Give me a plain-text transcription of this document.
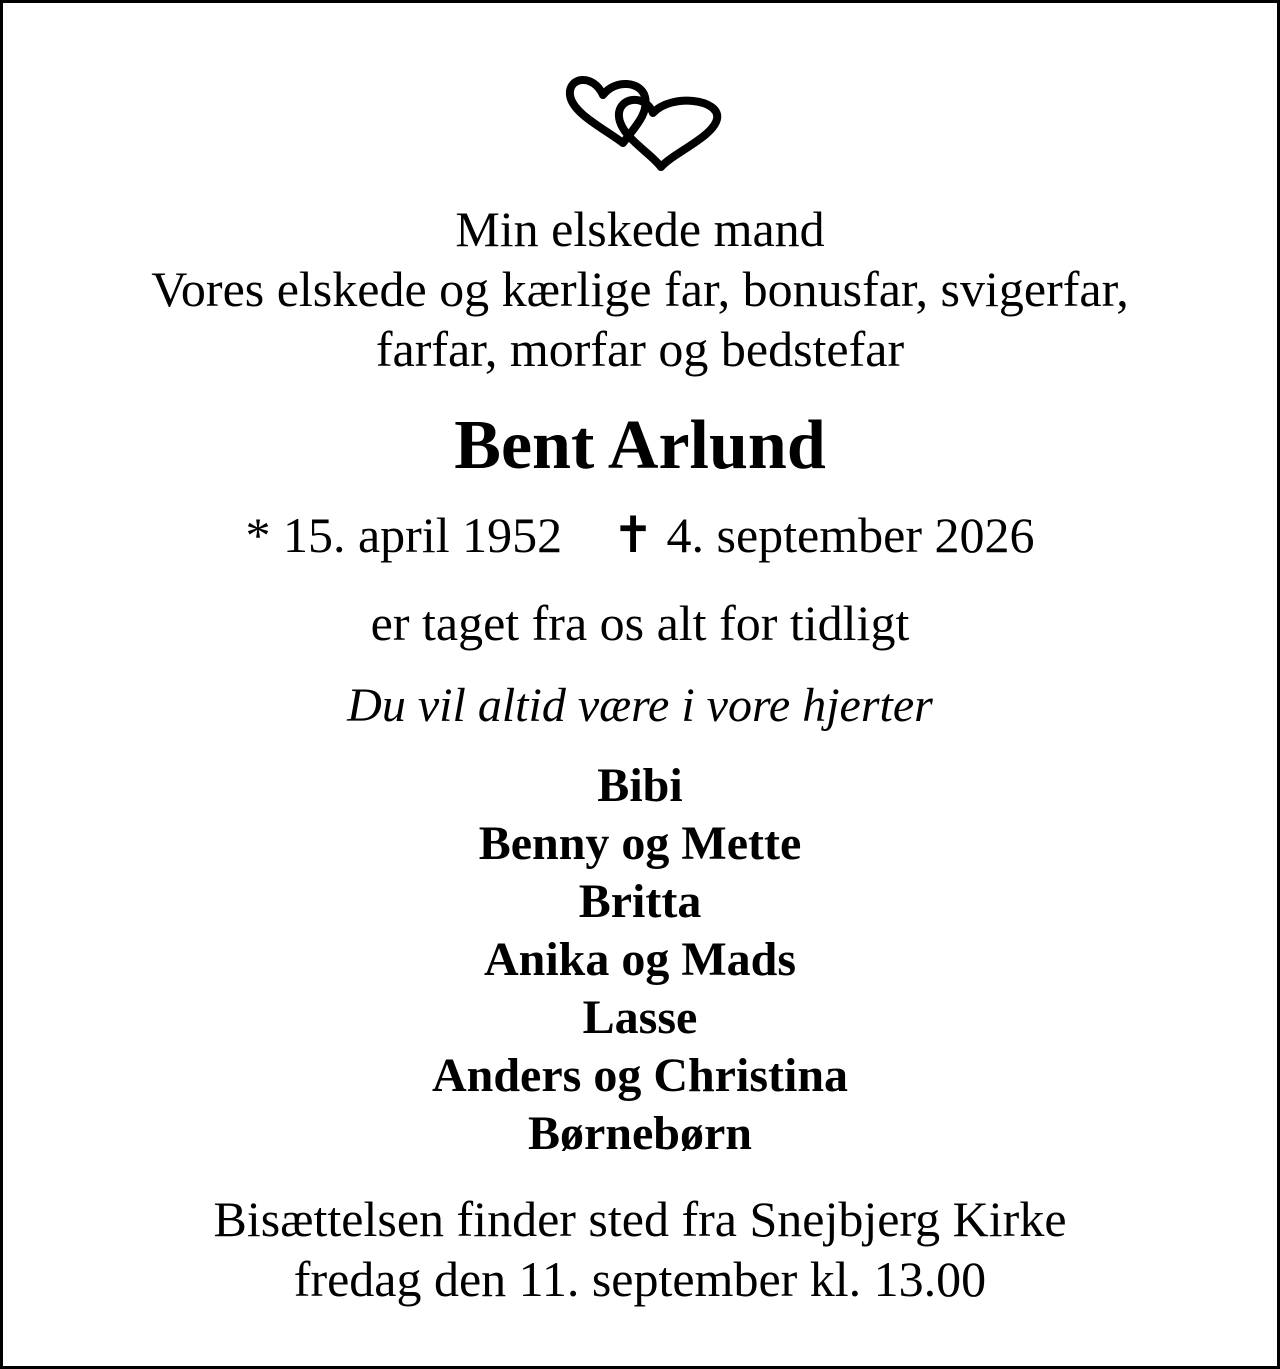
Min elskede mand
Vores elskede og kærlige far, bonusfar, svigerfar,
farfar, morfar og bedstefar

Bent Arlund

* 15. april 1952 ✝ 4. september 2026

er taget fra os alt for tidligt

Du vil altid være i vore hjerter

Bibi
Benny og Mette
Britta
Anika og Mads
Lasse
Anders og Christina
Børnebørn

Bisættelsen finder sted fra Snejbjerg Kirke
fredag den 11. september kl. 13.00
